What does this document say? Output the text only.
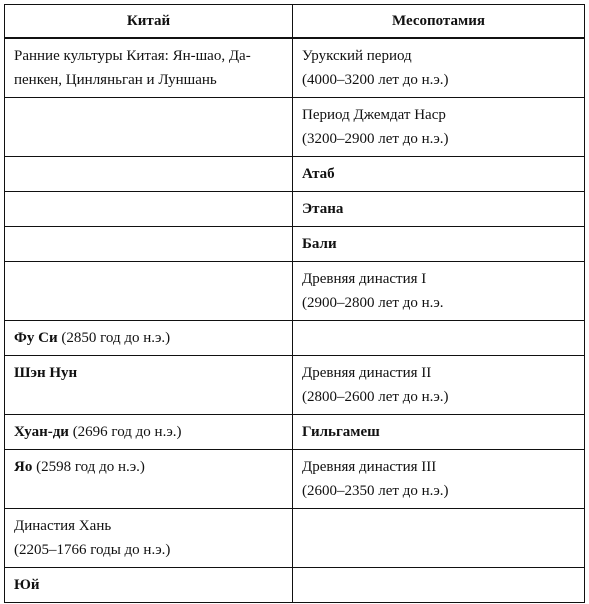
Китай	Месопотамия

Ранние культуры Китая: Ян-шао, Да-
пенкен, Цинляньган и Луншань	Урукский период
(4000–3200 лет до н.э.)

	Период Джемдат Наср
(3200–2900 лет до н.э.)

	Атаб

	Этана

	Бали

	Древняя династия I
(2900–2800 лет до н.э.

Фу Си (2850 год до н.э.)	

Шэн Нун	Древняя династия II
(2800–2600 лет до н.э.)

Хуан-ди (2696 год до н.э.)	Гильгамеш

Яо (2598 год до н.э.)	Древняя династия III
(2600–2350 лет до н.э.)

Династия Хань
(2205–1766 годы до н.э.)	

Юй	
